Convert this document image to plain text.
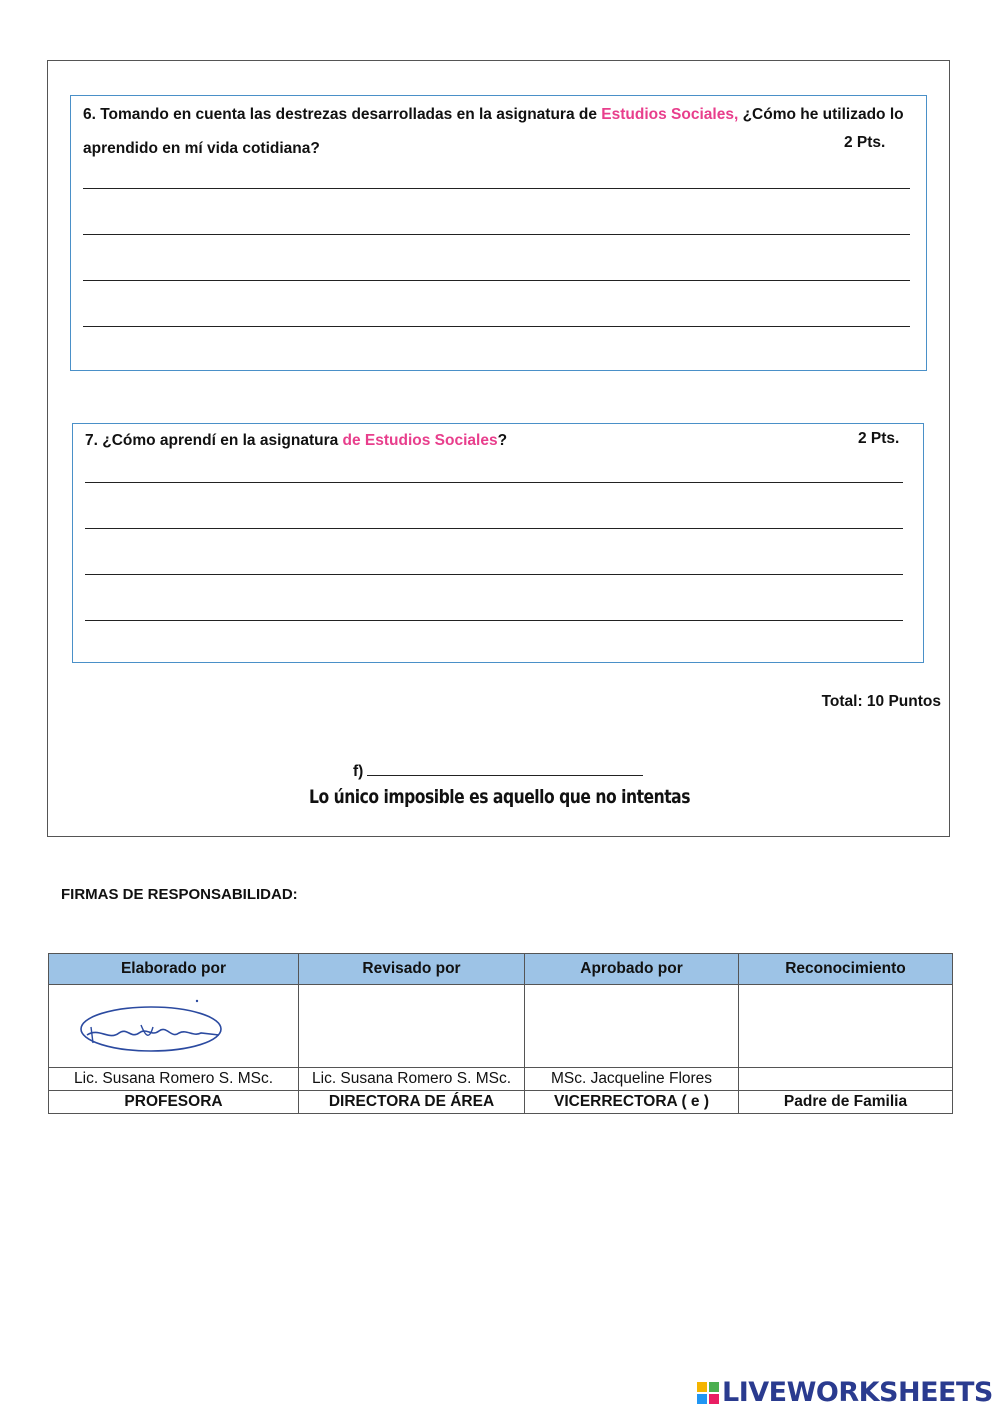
6. Tomando en cuenta las destrezas desarrolladas en la asignatura de Estudios Sociales, ¿Cómo he utilizado lo aprendido en mí vida cotidiana?	2 Pts.
7. ¿Cómo aprendí en la asignatura de Estudios Sociales?	2 Pts.
Total: 10 Puntos
f)
Lo único imposible es aquello que no intentas
FIRMAS DE RESPONSABILIDAD:
Elaborado por	Revisado por	Aprobado por	Reconocimiento

Lic. Susana Romero S. MSc.	Lic. Susana Romero S. MSc.	MSc. Jacqueline Flores	
PROFESORA	DIRECTORA DE ÁREA	VICERRECTORA ( e )	Padre de Familia
LIVEWORKSHEETS
